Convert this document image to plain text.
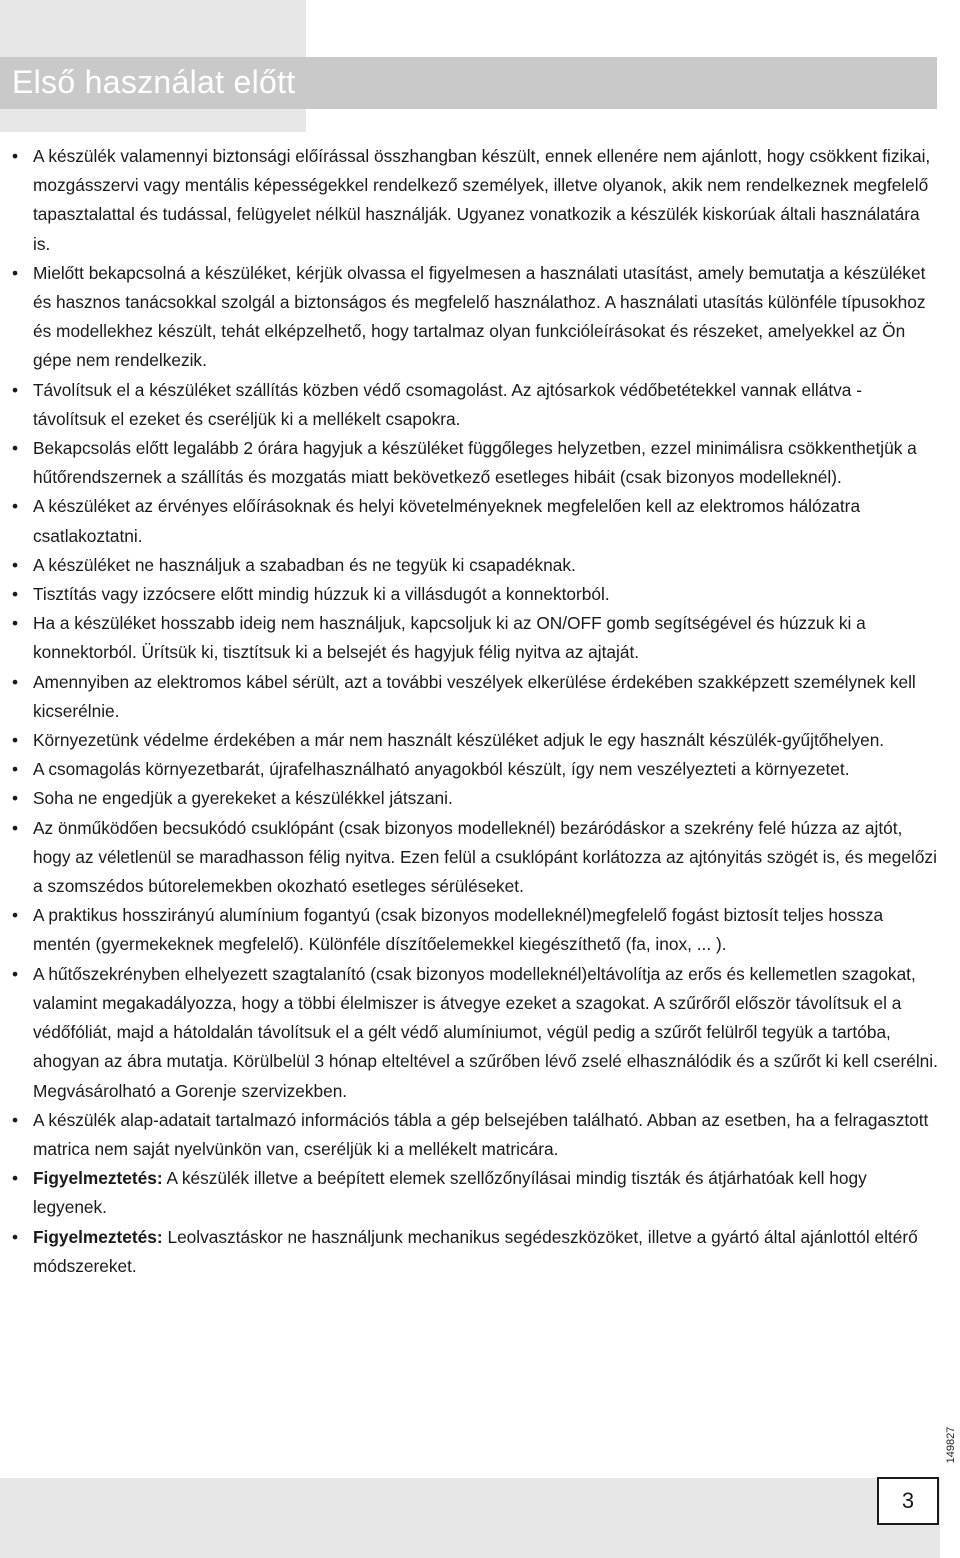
Első használat előtt
• A készülék valamennyi biztonsági előírással összhangban készült, ennek ellenére nem ajánlott, hogy csökkent fizikai, mozgásszervi vagy mentális képességekkel rendelkező személyek, illetve olyanok, akik nem rendelkeznek megfelelő tapasztalattal és tudással, felügyelet nélkül használják. Ugyanez vonatkozik a készülék kiskorúak általi használatára is.
• Mielőtt bekapcsolná a készüléket, kérjük olvassa el figyelmesen a használati utasítást, amely bemutatja a készüléket és hasznos tanácsokkal szolgál a biztonságos és megfelelő használathoz. A használati utasítás különféle típusokhoz és modellekhez készült, tehát elképzelhető, hogy tartalmaz olyan funkcióleírásokat és részeket, amelyekkel az Ön gépe nem rendelkezik.
• Távolítsuk el a készüléket szállítás közben védő csomagolást. Az ajtósarkok védőbetétekkel vannak ellátva - távolítsuk el ezeket és cseréljük ki a mellékelt csapokra.
• Bekapcsolás előtt legalább 2 órára hagyjuk a készüléket függőleges helyzetben, ezzel minimálisra csökkenthetjük a hűtőrendszernek a szállítás és mozgatás miatt bekövetkező esetleges hibáit (csak bizonyos modelleknél).
• A készüléket az érvényes előírásoknak és helyi követelményeknek megfelelően kell az elektromos hálózatra csatlakoztatni.
• A készüléket ne használjuk a szabadban és ne tegyük ki csapadéknak.
• Tisztítás vagy izzócsere előtt mindig húzzuk ki a villásdugót a konnektorból.
• Ha a készüléket hosszabb ideig nem használjuk, kapcsoljuk ki az ON/OFF gomb segítségével és húzzuk ki a konnektorból. Ürítsük ki, tisztítsuk ki a belsejét és hagyjuk félig nyitva az ajtaját.
• Amennyiben az elektromos kábel sérült, azt a további veszélyek elkerülése érdekében szakképzett személynek kell kicserélnie.
• Környezetünk védelme érdekében a már nem használt készüléket adjuk le egy használt készülék-gyűjtőhelyen.
• A csomagolás környezetbarát, újrafelhasználható anyagokból készült, így nem veszélyezteti a környezetet.
• Soha ne engedjük a gyerekeket a készülékkel játszani.
• Az önműködően becsukódó csuklópánt (csak bizonyos modelleknél) bezáródáskor a szekrény felé húzza az ajtót, hogy az véletlenül se maradhasson félig nyitva. Ezen felül a csuklópánt korlátozza az ajtónyitás szögét is, és megelőzi a szomszédos bútorelemekben okozható esetleges sérüléseket.
• A praktikus hosszirányú alumínium fogantyú (csak bizonyos modelleknél)megfelelő fogást biztosít teljes hossza mentén (gyermekeknek megfelelő). Különféle díszítőelemekkel kiegészíthető (fa, inox, ... ).
• A hűtőszekrényben elhelyezett szagtalanító (csak bizonyos modelleknél)eltávolítja az erős és kellemetlen szagokat, valamint megakadályozza, hogy a többi élelmiszer is átvegye ezeket a szagokat. A szűrőről először távolítsuk el a védőfóliát, majd a hátoldalán távolítsuk el a gélt védő alumíniumot, végül pedig a szűrőt felülről tegyük a tartóba, ahogyan az ábra mutatja. Körülbelül 3 hónap elteltével a szűrőben lévő zselé elhasználódik és a szűrőt ki kell cserélni. Megvásárolható a Gorenje szervizekben.
• A készülék alap-adatait tartalmazó információs tábla a gép belsejében található. Abban az esetben, ha a felragasztott matrica nem saját nyelvünkön van, cseréljük ki a mellékelt matricára.
• Figyelmeztetés: A készülék illetve a beépített elemek szellőzőnyílásai mindig tiszták és átjárhatóak kell hogy legyenek.
• Figyelmeztetés: Leolvasztáskor ne használjunk mechanikus segédeszközöket, illetve a gyártó által ajánlottól eltérő módszereket.
3
149827
